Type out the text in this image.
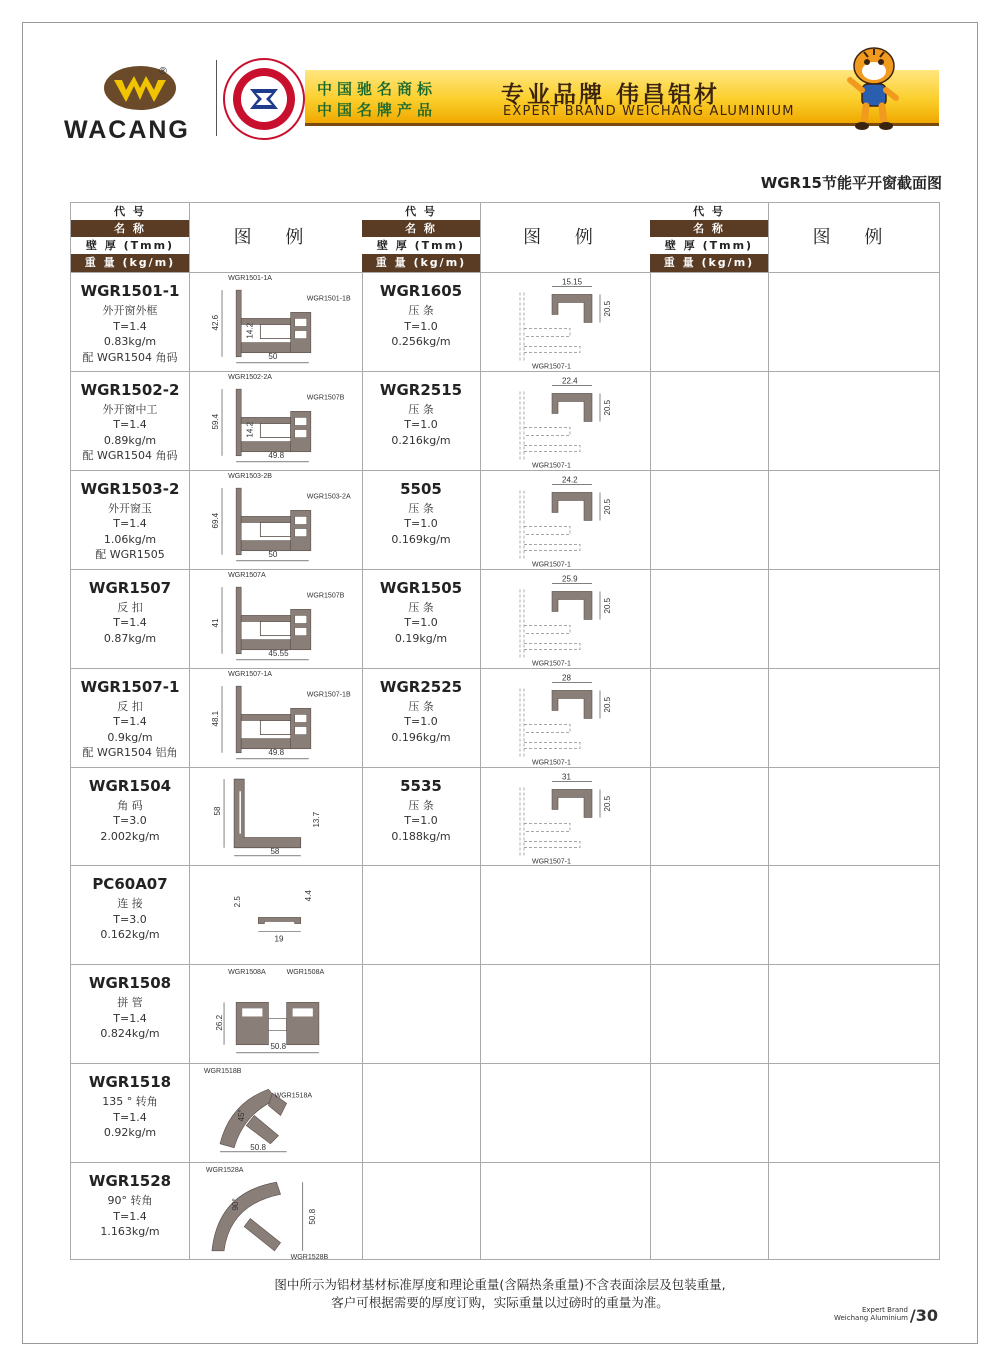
®
WACANG
中国驰名商标
中国名牌产品
专业品牌 伟昌铝材
EXPERT BRAND WEICHANG ALUMINIUM
WGR15节能平开窗截面图
代 号
名 称
壁 厚 (Tmm)
重 量 (kg/m)
图 例
代 号
名 称
壁 厚 (Tmm)
重 量 (kg/m)
图 例
代 号
名 称
壁 厚 (Tmm)
重 量 (kg/m)
图 例
WGR1501-1
外开窗外框
T=1.4
0.83kg/m
配 WGR1504 角码
WGR1501-1A
WGR1501-1B
42.6
14.2
50
WGR1502-2
外开窗中工
T=1.4
0.89kg/m
配 WGR1504 角码
WGR1502-2A
WGR1507B
59.4
14.2
49.8
WGR1503-2
外开窗玉
T=1.4
1.06kg/m
配 WGR1505
WGR1503-2B
WGR1503-2A
69.4
50
WGR1507
反 扣
T=1.4
0.87kg/m
WGR1507A
WGR1507B
41
45.55
WGR1507-1
反 扣
T=1.4
0.9kg/m
配 WGR1504 铝角
WGR1507-1A
WGR1507-1B
48.1
49.8
WGR1504
角 码
T=3.0
2.002kg/m
58
13.7
58
PC60A07
连 接
T=3.0
0.162kg/m
2.5
4.4
19
WGR1508
拼 管
T=1.4
0.824kg/m
WGR1508A	WGR1508A
26.2
50.8
WGR1518
135 ° 转角
T=1.4
0.92kg/m
WGR1518B
WGR1518A
45°
50.8
WGR1528
90° 转角
T=1.4
1.163kg/m
WGR1528A
WGR1528B
90°
50.8
WGR1605
压 条
T=1.0
0.256kg/m
15.15
20.5
WGR1507-1
WGR2515
压 条
T=1.0
0.216kg/m
22.4
20.5
WGR1507-1
5505
压 条
T=1.0
0.169kg/m
24.2
20.5
WGR1507-1
WGR1505
压 条
T=1.0
0.19kg/m
25.9
20.5
WGR1507-1
WGR2525
压 条
T=1.0
0.196kg/m
28
20.5
WGR1507-1
5535
压 条
T=1.0
0.188kg/m
31
20.5
WGR1507-1
图中所示为铝材基材标准厚度和理论重量(含隔热条重量)不含表面涂层及包装重量,
客户可根据需要的厚度订购，实际重量以过磅时的重量为准。	Expert Brand
Weichang Aluminium /30
